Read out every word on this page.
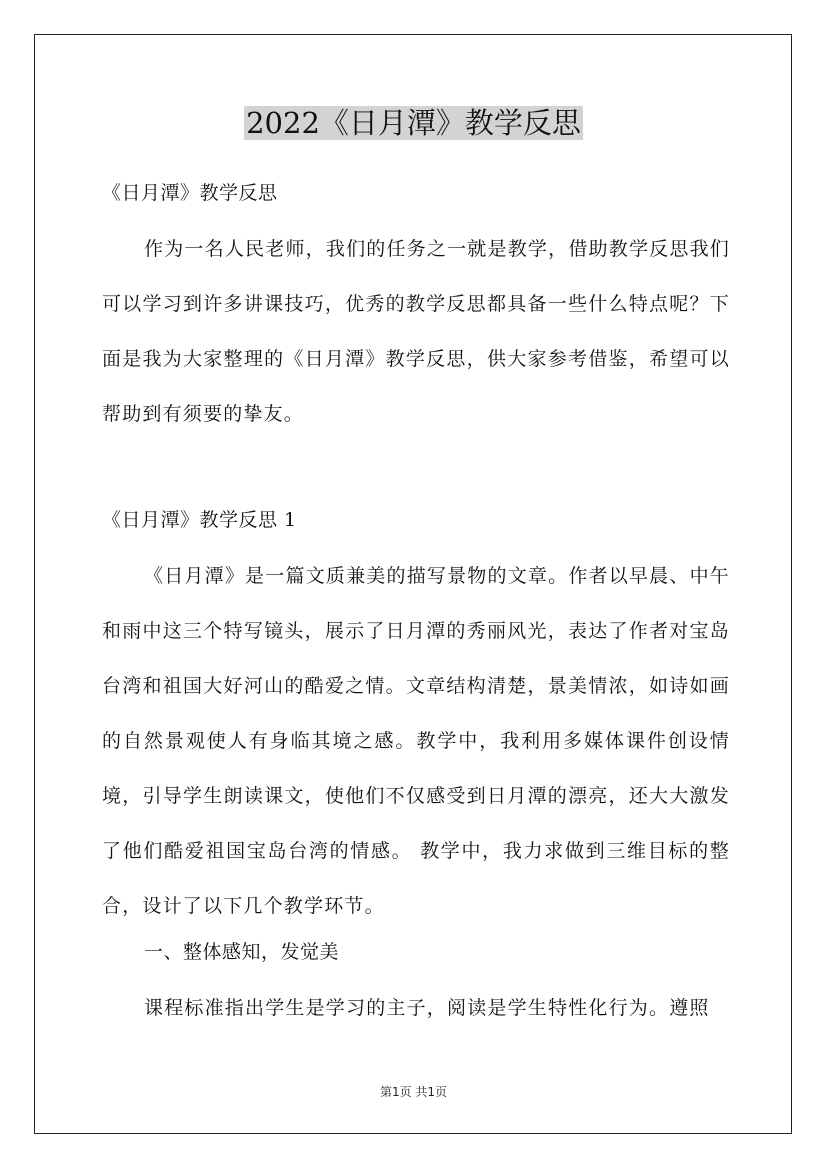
2022《日月潭》教学反思
《日月潭》教学反思
作为一名人民老师，我们的任务之一就是教学，借助教学反思我们可以学习到许多讲课技巧，优秀的教学反思都具备一些什么特点呢？下面是我为大家整理的《日月潭》教学反思，供大家参考借鉴，希望可以帮助到有须要的挚友。
《日月潭》教学反思 1
《日月潭》是一篇文质兼美的描写景物的文章。作者以早晨、中午和雨中这三个特写镜头，展示了日月潭的秀丽风光，表达了作者对宝岛台湾和祖国大好河山的酷爱之情。文章结构清楚，景美情浓，如诗如画的自然景观使人有身临其境之感。教学中，我利用多媒体课件创设情境，引导学生朗读课文，使他们不仅感受到日月潭的漂亮，还大大激发了他们酷爱祖国宝岛台湾的情感。 教学中，我力求做到三维目标的整合，设计了以下几个教学环节。
一、整体感知，发觉美
课程标准指出学生是学习的主子，阅读是学生特性化行为。遵照
第1页 共1页
